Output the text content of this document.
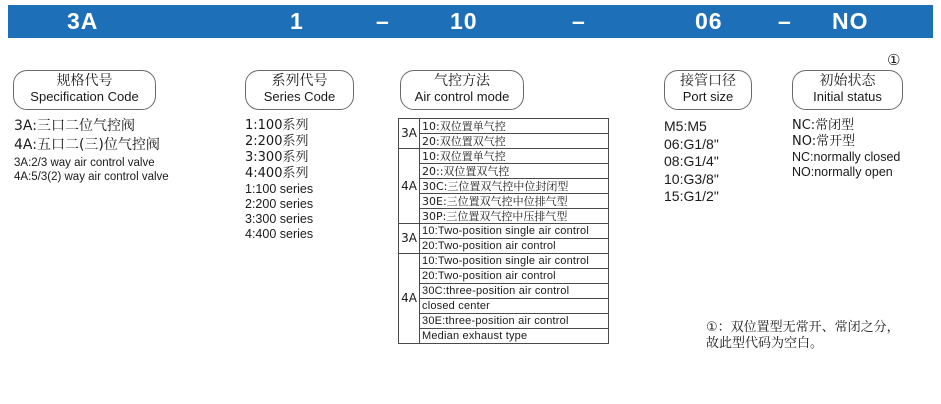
3A	1	–	10	–	06 – NO
①
规格代号
Specification Code
系列代号
Series Code
气控方法
Air control mode
接管口径
Port size
初始状态
Initial status
3A:三口二位气控阀
4A:五口二(三)位气控阀
3A:2/3 way air control valve
4A:5/3(2) way air control valve
1:100系列
2:200系列
3:300系列
4:400系列
1:100 series
2:200 series
3:300 series
4:400 series
3A	10:双位置单气控
	20:双位置双气控
4A	10:双位置单气控
	20::双位置双气控
	30C:三位置双气控中位封闭型
	30E:三位置双气控中位排气型
	30P:三位置双气控中压排气型
3A	10:Two-position single air control
	20:Two-position air control
4A	10:Two-position single air control
	20:Two-position air control
	30C:three-position air control
	closed center
	30E:three-position air control
	Median exhaust type
M5:M5
06:G1/8"
08:G1/4"
10:G3/8"
15:G1/2"
NC:常闭型
NO:常开型
NC:normally closed
NO:normally open
①：双位置型无常开、常闭之分，
故此型代码为空白。
